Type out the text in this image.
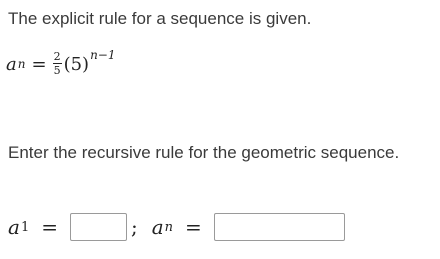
The explicit rule for a sequence is given.
a $n = \frac{2}{5} (5)$ n−1
Enter the recursive rule for the geometric sequence.
a 1 =	; a n =
